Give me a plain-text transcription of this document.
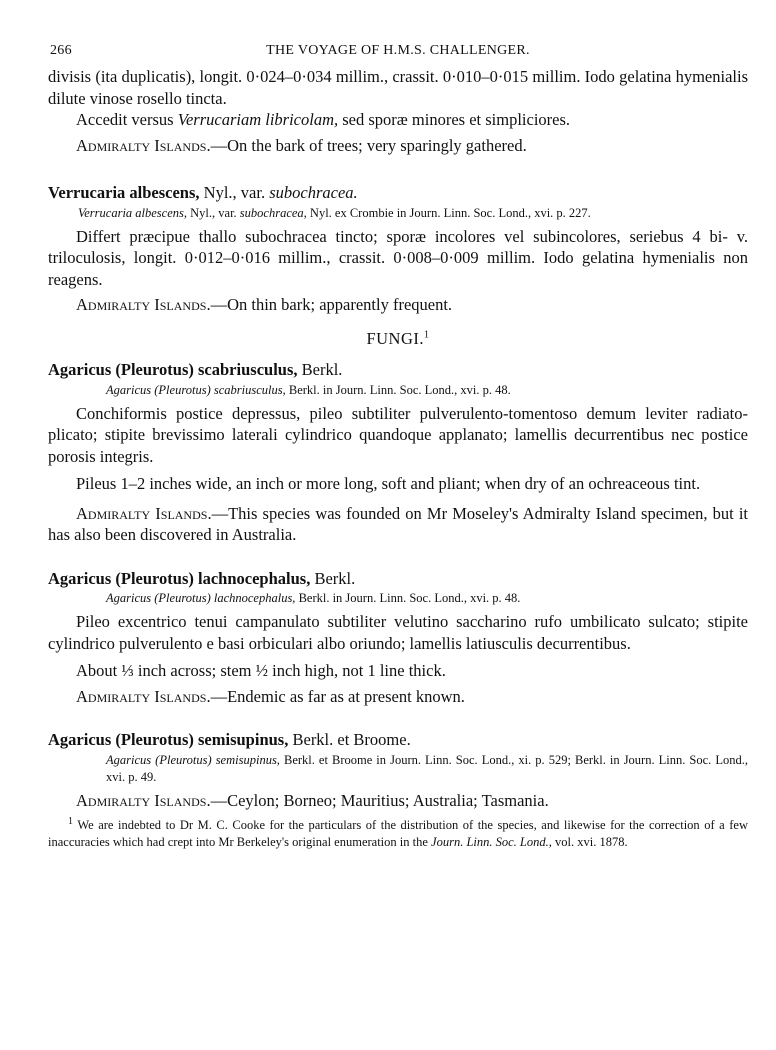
266	THE VOYAGE OF H.M.S. CHALLENGER.

divisis (ita duplicatis), longit. 0·024–0·034 millim., crassit. 0·010–0·015 millim. Iodo gelatina hymenialis dilute vinose rosello tincta.

Accedit versus Verrucariam libricolam, sed sporæ minores et simpliciores.

Admiralty Islands.—On the bark of trees; very sparingly gathered.

Verrucaria albescens, Nyl., var. subochracea.

Verrucaria albescens, Nyl., var. subochracea, Nyl. ex Crombie in Journ. Linn. Soc. Lond., xvi. p. 227.

Differt præcipue thallo subochracea tincto; sporæ incolores vel subincolores, seriebus 4 bi- v. triloculosis, longit. 0·012–0·016 millim., crassit. 0·008–0·009 millim. Iodo gelatina hymenialis non reagens.

Admiralty Islands.—On thin bark; apparently frequent.

FUNGI.$^1$

Agaricus (Pleurotus) scabriusculus, Berkl.

Agaricus (Pleurotus) scabriusculus, Berkl. in Journ. Linn. Soc. Lond., xvi. p. 48.

Conchiformis postice depressus, pileo subtiliter pulverulento-tomentoso demum leviter radiato-plicato; stipite brevissimo laterali cylindrico quandoque applanato; lamellis decurrentibus nec postice porosis integris.

Pileus 1–2 inches wide, an inch or more long, soft and pliant; when dry of an ochreaceous tint.

Admiralty Islands.—This species was founded on Mr Moseley's Admiralty Island specimen, but it has also been discovered in Australia.

Agaricus (Pleurotus) lachnocephalus, Berkl.

Agaricus (Pleurotus) lachnocephalus, Berkl. in Journ. Linn. Soc. Lond., xvi. p. 48.

Pileo excentrico tenui campanulato subtiliter velutino saccharino rufo umbilicato sulcato; stipite cylindrico pulverulento e basi orbiculari albo oriundo; lamellis latiusculis decurrentibus.

About ⅓ inch across; stem ½ inch high, not 1 line thick.

Admiralty Islands.—Endemic as far as at present known.

Agaricus (Pleurotus) semisupinus, Berkl. et Broome.

Agaricus (Pleurotus) semisupinus, Berkl. et Broome in Journ. Linn. Soc. Lond., xi. p. 529; Berkl. in Journ. Linn. Soc. Lond., xvi. p. 49.

Admiralty Islands.—Ceylon; Borneo; Mauritius; Australia; Tasmania.

$^1$ We are indebted to Dr M. C. Cooke for the particulars of the distribution of the species, and likewise for the correction of a few inaccuracies which had crept into Mr Berkeley's original enumeration in the Journ. Linn. Soc. Lond., vol. xvi. 1878.
